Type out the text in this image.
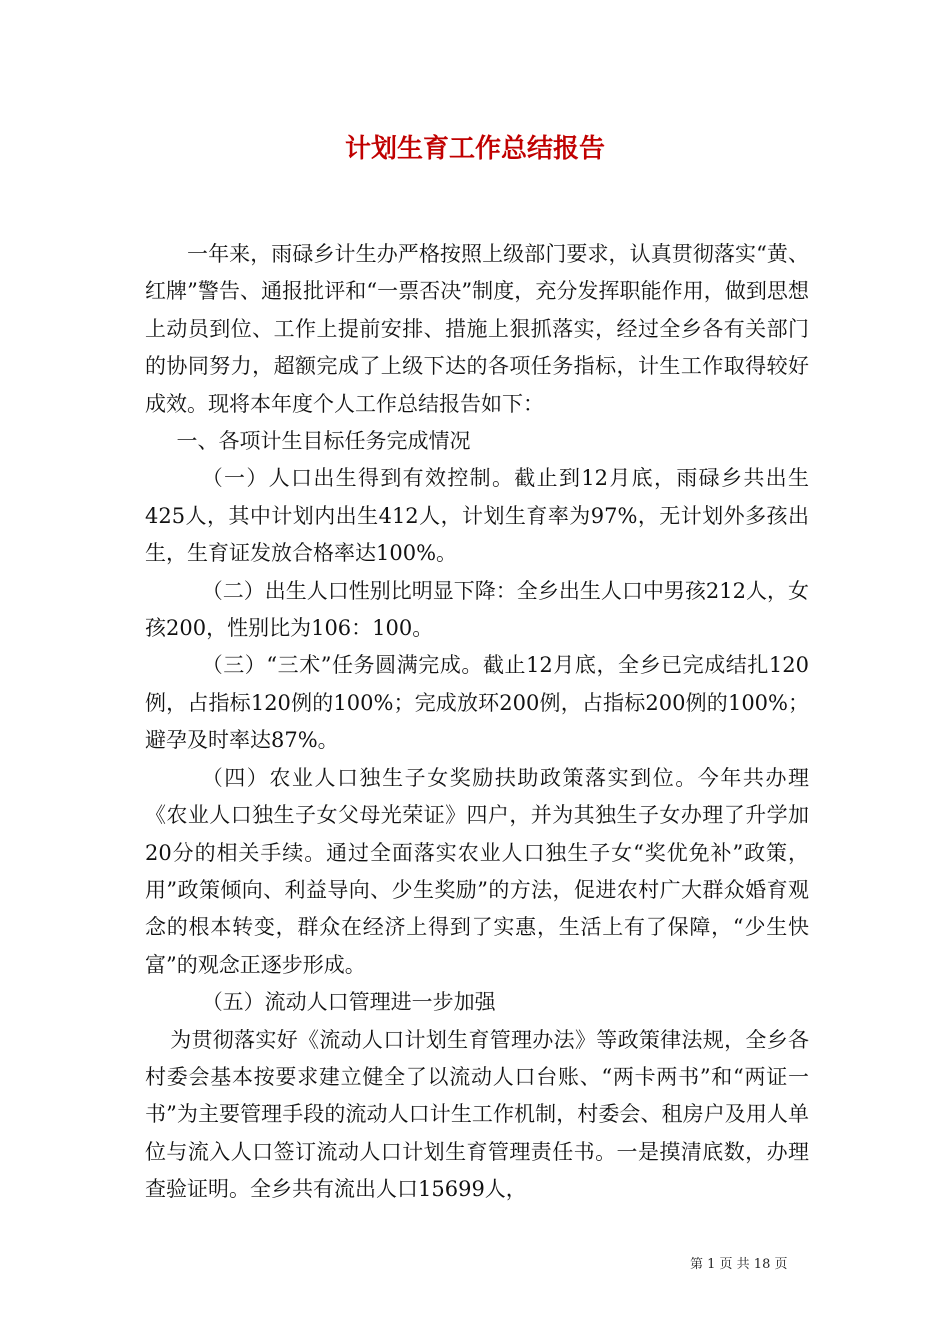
计划生育工作总结报告

一年来，雨碌乡计生办严格按照上级部门要求，认真贯彻落实“黄、红牌”警告、通报批评和“一票否决”制度，充分发挥职能作用，做到思想上动员到位、工作上提前安排、措施上狠抓落实，经过全乡各有关部门的协同努力，超额完成了上级下达的各项任务指标，计生工作取得较好成效。现将本年度个人工作总结报告如下：

一、各项计生目标任务完成情况

（一）人口出生得到有效控制。截止到12月底，雨碌乡共出生425人，其中计划内出生412人，计划生育率为97%，无计划外多孩出生，生育证发放合格率达100%。

（二）出生人口性别比明显下降：全乡出生人口中男孩212人，女孩200，性别比为106：100。

（三）“三术”任务圆满完成。截止12月底，全乡已完成结扎120例，占指标120例的100%；完成放环200例，占指标200例的100%；避孕及时率达87%。

（四）农业人口独生子女奖励扶助政策落实到位。今年共办理《农业人口独生子女父母光荣证》四户，并为其独生子女办理了升学加20分的相关手续。通过全面落实农业人口独生子女“奖优免补”政策，用”政策倾向、利益导向、少生奖励”的方法，促进农村广大群众婚育观念的根本转变，群众在经济上得到了实惠，生活上有了保障，“少生快富”的观念正逐步形成。

（五）流动人口管理进一步加强

为贯彻落实好《流动人口计划生育管理办法》等政策律法规，全乡各村委会基本按要求建立健全了以流动人口台账、“两卡两书”和“两证一书”为主要管理手段的流动人口计生工作机制，村委会、租房户及用人单位与流入人口签订流动人口计划生育管理责任书。一是摸清底数，办理查验证明。全乡共有流出人口15699人，

第 1 页 共 18 页
